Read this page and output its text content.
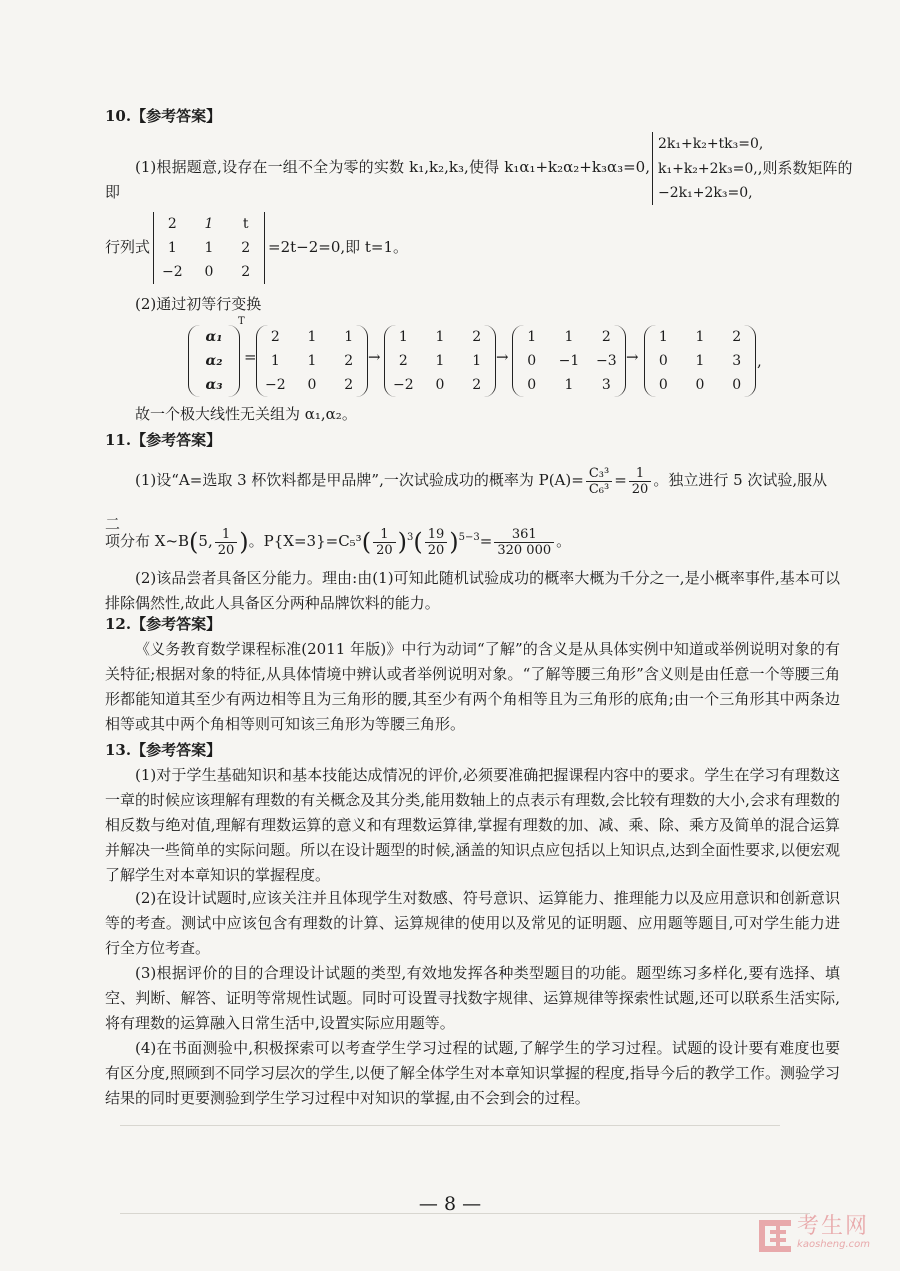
10.【参考答案】
(1)根据题意,设存在一组不全为零的实数 k₁,k₂,k₃,使得 k₁α₁+k₂α₂+k₃α₃=0,即
2k₁+k₂+tk₃=0,
k₁+k₂+2k₃=0,,则系数矩阵的
−2k₁+2k₃=0,
行列式
2	1	t
1	1	2
−2	0	2
=2t−2=0,即 t=1。
(2)通过初等行变换
α₁
α₂
α₃
T
=
2	1	1
1	1	2
−2	0	2
→
1	1	2
2	1	1
−2	0	2
→
1	1	2
0	−1	−3
0	1	3
→
1	1	2
0	1	3
0	0	0
,
故一个极大线性无关组为 α₁,α₂。
11.【参考答案】
(1)设“A=选取 3 杯饮料都是甲品牌”,一次试验成功的概率为 $P(A)= \frac{\text{C₃³}}{\text{C₆³}} = \frac{1}{20}$ 。独立进行 5 次试验,服从二
项分布 X~B(5, $\frac{1}{20}$ )。$P\{X=3\}=C_5^3( \frac{1}{20} )^3( \frac{19}{20} )^{5-3}= \frac{361}{320 000}$ 。

(2)该品尝者具备区分能力。理由:由(1)可知此随机试验成功的概率大概为千分之一,是小概率事件,基本可以排除偶然性,故此人具备区分两种品牌饮料的能力。

12.【参考答案】

《义务教育数学课程标准(2011 年版)》中行为动词“了解”的含义是从具体实例中知道或举例说明对象的有关特征;根据对象的特征,从具体情境中辨认或者举例说明对象。“了解等腰三角形”含义则是由任意一个等腰三角形都能知道其至少有两边相等且为三角形的腰,其至少有两个角相等且为三角形的底角;由一个三角形其中两条边相等或其中两个角相等则可知该三角形为等腰三角形。

13.【参考答案】

(1)对于学生基础知识和基本技能达成情况的评价,必须要准确把握课程内容中的要求。学生在学习有理数这一章的时候应该理解有理数的有关概念及其分类,能用数轴上的点表示有理数,会比较有理数的大小,会求有理数的相反数与绝对值,理解有理数运算的意义和有理数运算律,掌握有理数的加、减、乘、除、乘方及简单的混合运算并解决一些简单的实际问题。所以在设计题型的时候,涵盖的知识点应包括以上知识点,达到全面性要求,以便宏观了解学生对本章知识的掌握程度。

(2)在设计试题时,应该关注并且体现学生对数感、符号意识、运算能力、推理能力以及应用意识和创新意识等的考查。测试中应该包含有理数的计算、运算规律的使用以及常见的证明题、应用题等题目,可对学生能力进行全方位考查。

(3)根据评价的目的合理设计试题的类型,有效地发挥各种类型题目的功能。题型练习多样化,要有选择、填空、判断、解答、证明等常规性试题。同时可设置寻找数字规律、运算规律等探索性试题,还可以联系生活实际,将有理数的运算融入日常生活中,设置实际应用题等。

(4)在书面测验中,积极探索可以考查学生学习过程的试题,了解学生的学习过程。试题的设计要有难度也要有区分度,照顾到不同学习层次的学生,以便了解全体学生对本章知识掌握的程度,指导今后的教学工作。测验学习结果的同时更要测验到学生学习过程中对知识的掌握,由不会到会的过程。

— 8 —
考生网
kaosheng.com
